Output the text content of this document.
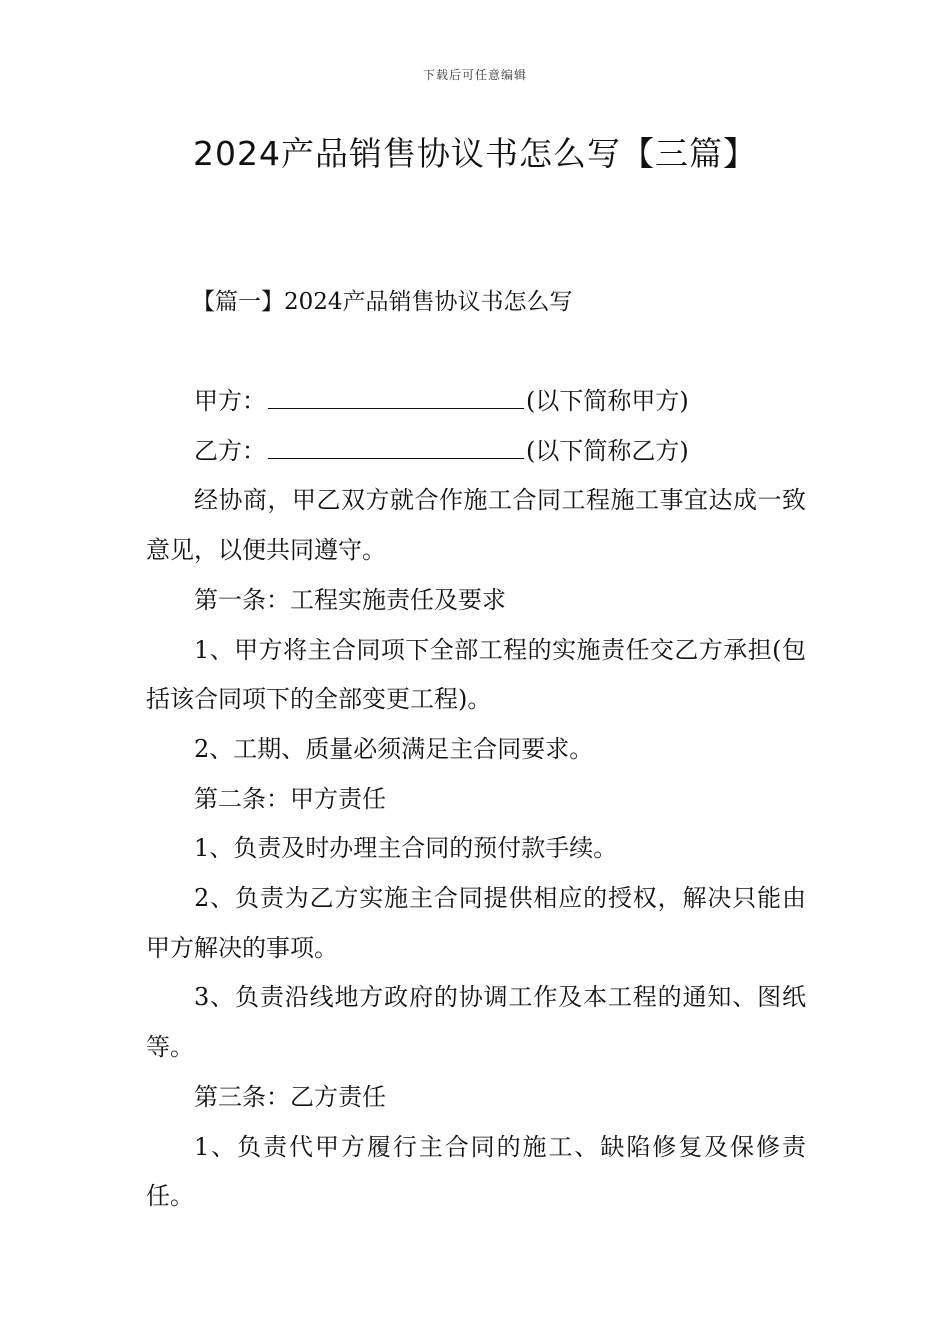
下载后可任意编辑
2024产品销售协议书怎么写【三篇】
【篇一】2024产品销售协议书怎么写

甲方：	(以下简称甲方)

乙方：	(以下简称乙方)

经协商，甲乙双方就合作施工合同工程施工事宜达成一致意见，以便共同遵守。

第一条：工程实施责任及要求

1、甲方将主合同项下全部工程的实施责任交乙方承担(包括该合同项下的全部变更工程)。

2、工期、质量必须满足主合同要求。

第二条：甲方责任

1、负责及时办理主合同的预付款手续。

2、负责为乙方实施主合同提供相应的授权，解决只能由甲方解决的事项。

3、负责沿线地方政府的协调工作及本工程的通知、图纸等。

第三条：乙方责任

1、负责代甲方履行主合同的施工、缺陷修复及保修责任。
